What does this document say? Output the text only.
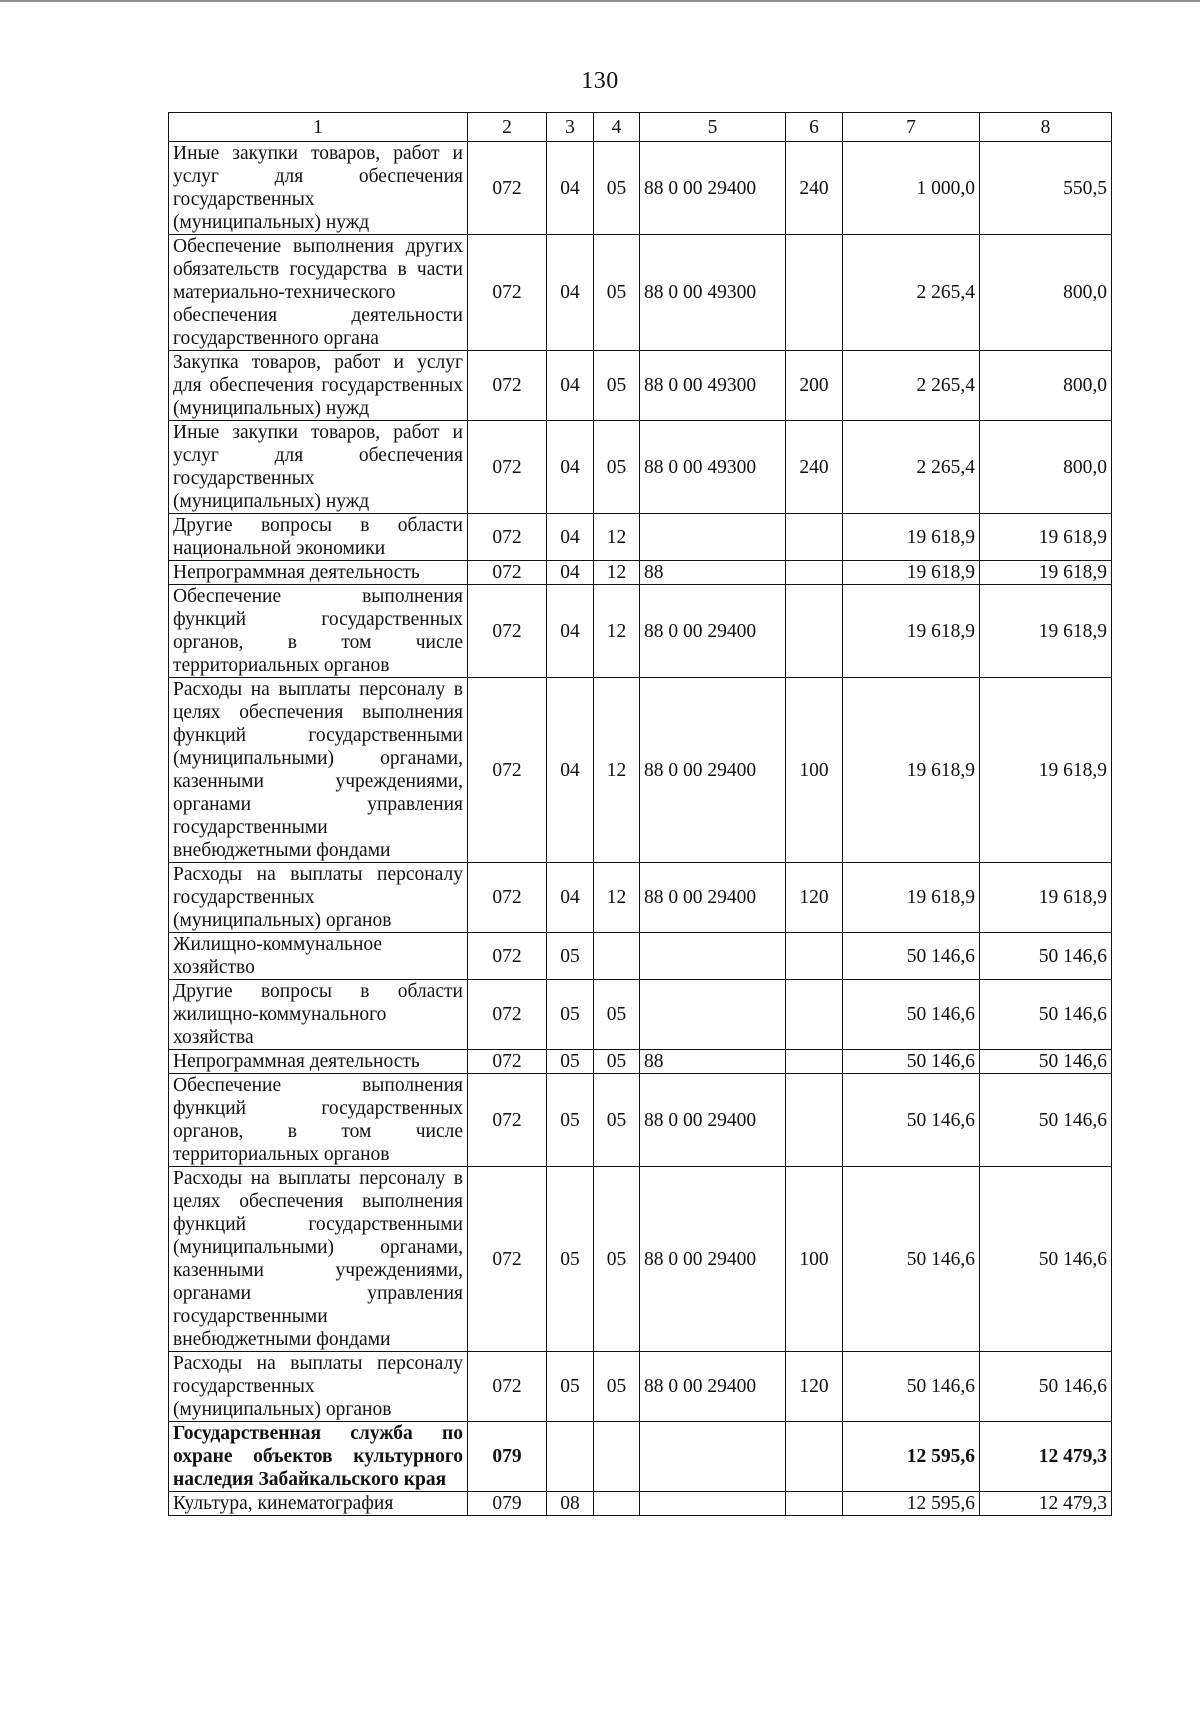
130
1	2	3	4	5	6	7	8
Иные закупки товаров, работ и услуг для обеспечения государственных (муниципальных) нужд	072	04	05	88 0 00 29400	240	1 000,0	550,5
Обеспечение выполнения других обязательств государства в части материально-технического обеспечения деятельности государственного органа	072	04	05	88 0 00 49300		2 265,4	800,0
Закупка товаров, работ и услуг для обеспечения государственных (муниципальных) нужд	072	04	05	88 0 00 49300	200	2 265,4	800,0
Иные закупки товаров, работ и услуг для обеспечения государственных (муниципальных) нужд	072	04	05	88 0 00 49300	240	2 265,4	800,0
Другие вопросы в области национальной экономики	072	04	12			19 618,9	19 618,9
Непрограммная деятельность	072	04	12	88		19 618,9	19 618,9
Обеспечение выполнения функций государственных органов, в том числе территориальных органов	072	04	12	88 0 00 29400		19 618,9	19 618,9
Расходы на выплаты персоналу в целях обеспечения выполнения функций государственными (муниципальными) органами, казенными учреждениями, органами управления государственными внебюджетными фондами	072	04	12	88 0 00 29400	100	19 618,9	19 618,9
Расходы на выплаты персоналу государственных (муниципальных) органов	072	04	12	88 0 00 29400	120	19 618,9	19 618,9
Жилищно-коммунальное хозяйство	072	05				50 146,6	50 146,6
Другие вопросы в области жилищно-коммунального хозяйства	072	05	05			50 146,6	50 146,6
Непрограммная деятельность	072	05	05	88		50 146,6	50 146,6
Обеспечение выполнения функций государственных органов, в том числе территориальных органов	072	05	05	88 0 00 29400		50 146,6	50 146,6
Расходы на выплаты персоналу в целях обеспечения выполнения функций государственными (муниципальными) органами, казенными учреждениями, органами управления государственными внебюджетными фондами	072	05	05	88 0 00 29400	100	50 146,6	50 146,6
Расходы на выплаты персоналу государственных (муниципальных) органов	072	05	05	88 0 00 29400	120	50 146,6	50 146,6
Государственная служба по охране объектов культурного наследия Забайкальского края	079					12 595,6	12 479,3
Культура, кинематография	079	08				12 595,6	12 479,3
